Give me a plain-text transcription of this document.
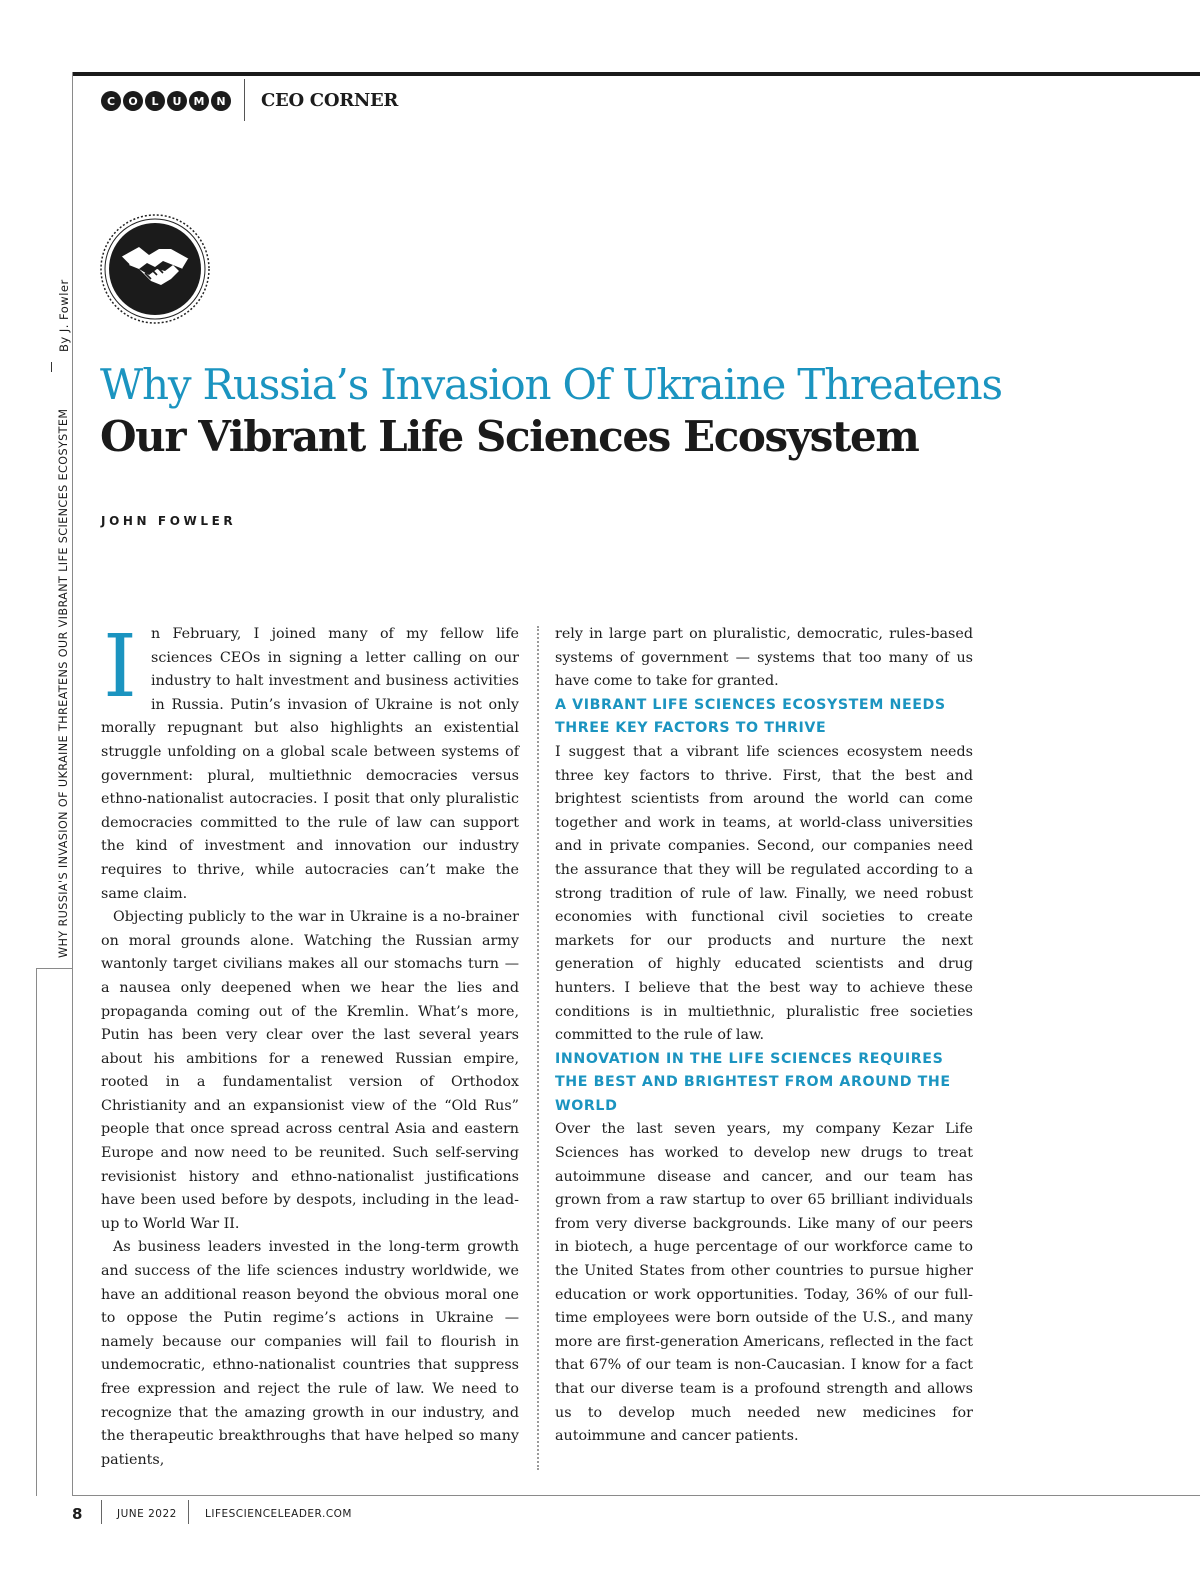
C	O	L	U	M	N CEO CORNER
By J. Fowler
WHY RUSSIA'S INVASION OF UKRAINE THREATENS OUR VIBRANT LIFE SCIENCES ECOSYSTEM
Why Russia’s Invasion Of Ukraine Threatens
Our Vibrant Life Sciences Ecosystem
JOHN FOWLER

In February, I joined many of my fellow life sciences CEOs in signing a letter calling on our industry to halt investment and business activities in Russia. Putin’s invasion of Ukraine is not only morally repugnant but also highlights an existential struggle unfolding on a global scale between systems of government: plural, multiethnic democracies versus ethno-nationalist autocracies. I posit that only pluralistic democracies committed to the rule of law can support the kind of investment and innovation our industry requires to thrive, while autocracies can’t make the same claim.

Objecting publicly to the war in Ukraine is a no-brainer on moral grounds alone. Watching the Russian army wantonly target civilians makes all our stomachs turn — a nausea only deepened when we hear the lies and propaganda coming out of the Kremlin. What’s more, Putin has been very clear over the last several years about his ambitions for a renewed Russian empire, rooted in a fundamentalist version of Orthodox Christianity and an expansionist view of the “Old Rus” people that once spread across central Asia and eastern Europe and now need to be reunited. Such self-serving revisionist history and ethno-nationalist justifications have been used before by despots, including in the lead-up to World War II.

As business leaders invested in the long-term growth and success of the life sciences industry worldwide, we have an additional reason beyond the obvious moral one to oppose the Putin regime’s actions in Ukraine — namely because our companies will fail to flourish in undemocratic, ethno-nationalist countries that suppress free expression and reject the rule of law. We need to recognize that the amazing growth in our industry, and the therapeutic breakthroughs that have helped so many patients,

rely in large part on pluralistic, democratic, rules-based systems of government — systems that too many of us have come to take for granted.

A VIBRANT LIFE SCIENCES ECOSYSTEM NEEDS THREE KEY FACTORS TO THRIVE

I suggest that a vibrant life sciences ecosystem needs three key factors to thrive. First, that the best and brightest scientists from around the world can come together and work in teams, at world-class universities and in private companies. Second, our companies need the assurance that they will be regulated according to a strong tradition of rule of law. Finally, we need robust economies with functional civil societies to create markets for our products and nurture the next generation of highly educated scientists and drug hunters. I believe that the best way to achieve these conditions is in multiethnic, pluralistic free societies committed to the rule of law.

INNOVATION IN THE LIFE SCIENCES REQUIRES THE BEST AND BRIGHTEST FROM AROUND THE WORLD

Over the last seven years, my company Kezar Life Sciences has worked to develop new drugs to treat autoimmune disease and cancer, and our team has grown from a raw startup to over 65 brilliant individuals from very diverse backgrounds. Like many of our peers in biotech, a huge percentage of our workforce came to the United States from other countries to pursue higher education or work opportunities. Today, 36% of our full-time employees were born outside of the U.S., and many more are first-generation Americans, reflected in the fact that 67% of our team is non-Caucasian. I know for a fact that our diverse team is a profound strength and allows us to develop much needed new medicines for autoimmune and cancer patients.

8	JUNE 2022	LIFESCIENCELEADER.COM
